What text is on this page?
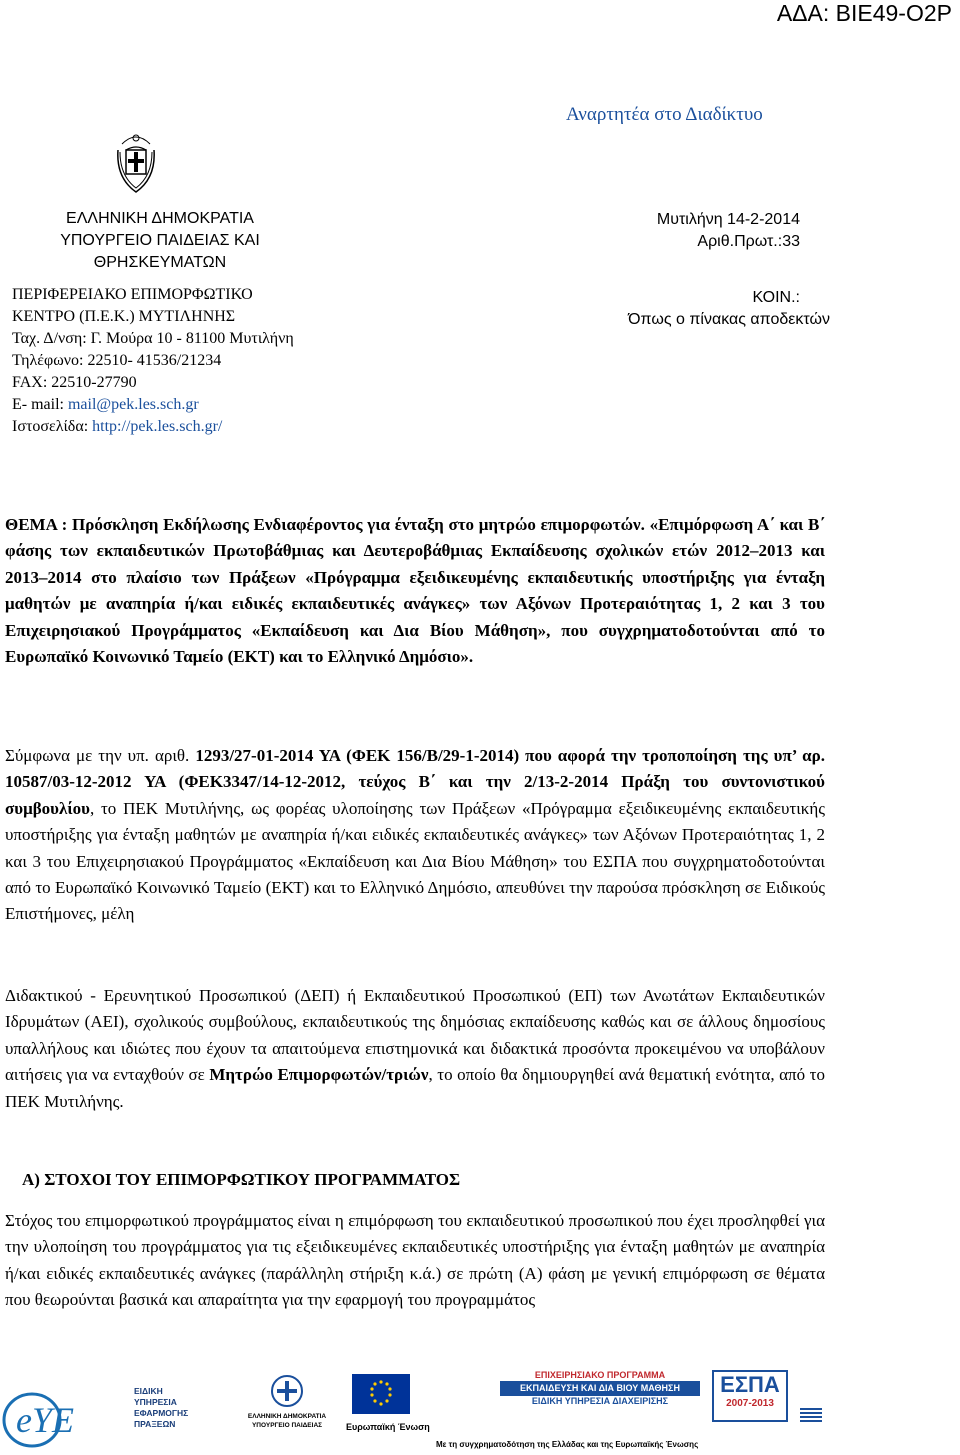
ΑΔΑ: ΒΙΕ49-Ο2Ρ
Αναρτητέα στο Διαδίκτυο
ΕΛΛΗΝΙΚΗ ΔΗΜΟΚΡΑΤΙΑ
ΥΠΟΥΡΓΕΙΟ ΠΑΙΔΕΙΑΣ ΚΑΙ
ΘΡΗΣΚΕΥΜΑΤΩΝ
ΠΕΡΙΦΕΡΕΙΑΚΟ ΕΠΙΜΟΡΦΩΤΙΚΟ
ΚΕΝΤΡΟ (Π.Ε.Κ.) ΜΥΤΙΛΗΝΗΣ
Ταχ. Δ/νση: Γ. Μούρα 10 - 81100 Μυτιλήνη
Τηλέφωνο: 22510- 41536/21234
FAX: 22510-27790
E- mail: mail@pek.les.sch.gr
Ιστοσελίδα: http://pek.les.sch.gr/
Μυτιλήνη 14-2-2014
Αριθ.Πρωτ.:33
ΚΟΙΝ.:
Όπως ο πίνακας αποδεκτών

ΘΕΜΑ : Πρόσκληση Εκδήλωσης Ενδιαφέροντος για ένταξη στο μητρώο επιμορφωτών. «Επιμόρφωση Α΄ και Β΄ φάσης των εκπαιδευτικών Πρωτοβάθμιας και Δευτεροβάθμιας Εκπαίδευσης σχολικών ετών 2012–2013 και 2013–2014 στο πλαίσιο των Πράξεων «Πρόγραμμα εξειδικευμένης εκπαιδευτικής υποστήριξης για ένταξη μαθητών με αναπηρία ή/και ειδικές εκπαιδευτικές ανάγκες» των Αξόνων Προτεραιότητας 1, 2 και 3 του Επιχειρησιακού Προγράμματος «Εκπαίδευση και Δια Βίου Μάθηση», που συγχρηματοδοτούνται από το Ευρωπαϊκό Κοινωνικό Ταμείο (ΕΚΤ) και το Ελληνικό Δημόσιο».

Σύμφωνα με την υπ. αριθ. 1293/27-01-2014 ΥΑ (ΦΕΚ 156/Β/29-1-2014) που αφορά την τροποποίηση της υπ’ αρ. 10587/03-12-2012 ΥΑ (ΦΕΚ3347/14-12-2012, τεύχος Β΄ και την 2/13-2-2014 Πράξη του συντονιστικού συμβουλίου, το ΠΕΚ Μυτιλήνης, ως φορέας υλοποίησης των Πράξεων «Πρόγραμμα εξειδικευμένης εκπαιδευτικής υποστήριξης για ένταξη μαθητών με αναπηρία ή/και ειδικές εκπαιδευτικές ανάγκες» των Αξόνων Προτεραιότητας 1, 2 και 3 του Επιχειρησιακού Προγράμματος «Εκπαίδευση και Δια Βίου Μάθηση» του ΕΣΠΑ που συγχρηματοδοτούνται από το Ευρωπαϊκό Κοινωνικό Ταμείο (ΕΚΤ) και το Ελληνικό Δημόσιο, απευθύνει την παρούσα πρόσκληση σε Ειδικούς Επιστήμονες, μέλη

Διδακτικού - Ερευνητικού Προσωπικού (ΔΕΠ) ή Εκπαιδευτικού Προσωπικού (ΕΠ) των Ανωτάτων Εκπαιδευτικών Ιδρυμάτων (ΑΕΙ), σχολικούς συμβούλους, εκπαιδευτικούς της δημόσιας εκπαίδευσης καθώς και σε άλλους δημοσίους υπαλλήλους και ιδιώτες που έχουν τα απαιτούμενα επιστημονικά και διδακτικά προσόντα προκειμένου να υποβάλουν αιτήσεις για να ενταχθούν σε Μητρώο Επιμορφωτών/τριών, το οποίο θα δημιουργηθεί ανά θεματική ενότητα, από το ΠΕΚ Μυτιλήνης.

Α) ΣΤΟΧΟΙ ΤΟΥ ΕΠΙΜΟΡΦΩΤΙΚΟΥ ΠΡΟΓΡΑΜΜΑΤΟΣ

Στόχος του επιμορφωτικού προγράμματος είναι η επιμόρφωση του εκπαιδευτικού προσωπικού που έχει προσληφθεί για την υλοποίηση του προγράμματος για τις εξειδικευμένες εκπαιδευτικές υποστήριξης για ένταξη μαθητών με αναπηρία ή/και ειδικές εκπαιδευτικές ανάγκες (παράλληλη στήριξη κ.ά.) σε πρώτη (Α) φάση με γενική επιμόρφωση σε θέματα που θεωρούνται βασικά και απαραίτητα για την εφαρμογή του προγραμμάτος

eYE
ΕΙΔΙΚΗ
ΥΠΗΡΕΣΙΑ
ΕΦΑΡΜΟΓΗΣ
ΠΡΑΞΕΩΝ
ΕΛΛΗΝΙΚΗ ΔΗΜΟΚΡΑΤΙΑ
ΥΠΟΥΡΓΕΙΟ ΠΑΙΔΕΙΑΣ	Ευρωπαϊκή Ένωση
ΕΠΙΧΕΙΡΗΣΙΑΚΟ ΠΡΟΓΡΑΜΜΑ
ΕΚΠΑΙΔΕΥΣΗ ΚΑΙ ΔΙΑ ΒΙΟΥ ΜΑΘΗΣΗ
ΕΙΔΙΚΗ ΥΠΗΡΕΣΙΑ ΔΙΑΧΕΙΡΙΣΗΣ
ΕΣΠΑ
2007-2013
Με τη συγχρηματοδότηση της Ελλάδας και της Ευρωπαϊκής Ένωσης
